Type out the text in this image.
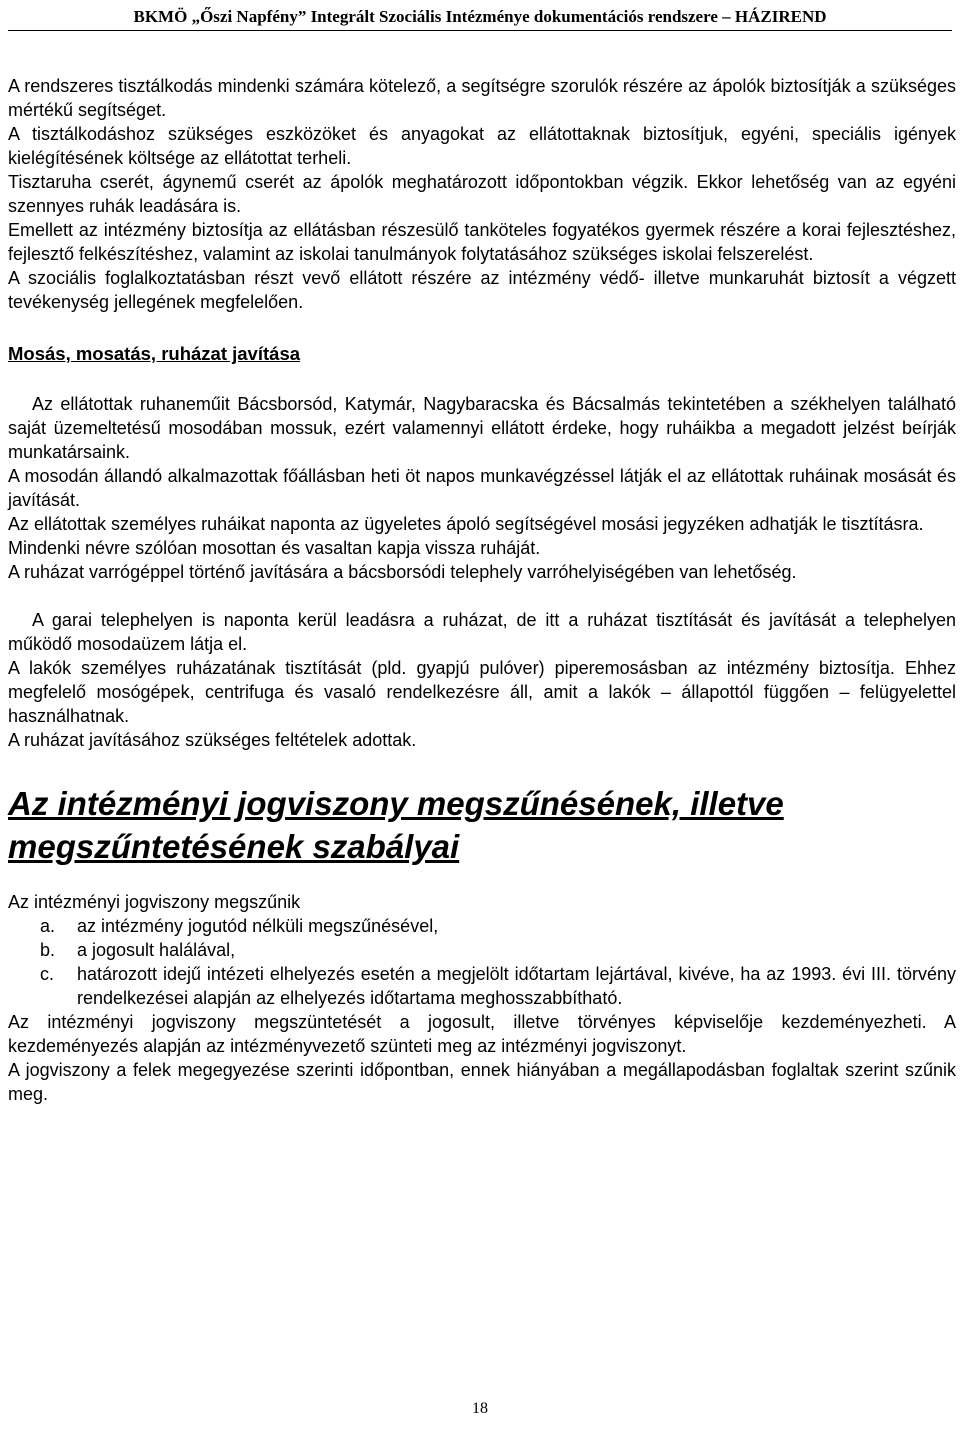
BKMÖ „Őszi Napfény” Integrált Szociális Intézménye dokumentációs rendszere – HÁZIREND

A rendszeres tisztálkodás mindenki számára kötelező, a segítségre szorulók részére az ápolók biztosítják a szükséges mértékű segítséget.

A tisztálkodáshoz szükséges eszközöket és anyagokat az ellátottaknak biztosítjuk, egyéni, speciális igények kielégítésének költsége az ellátottat terheli.

Tisztaruha cserét, ágynemű cserét az ápolók meghatározott időpontokban végzik. Ekkor lehetőség van az egyéni szennyes ruhák leadására is.

Emellett az intézmény biztosítja az ellátásban részesülő tanköteles fogyatékos gyermek részére a korai fejlesztéshez, fejlesztő felkészítéshez, valamint az iskolai tanulmányok folytatásához szükséges iskolai felszerelést.

A szociális foglalkoztatásban részt vevő ellátott részére az intézmény védő- illetve munkaruhát biztosít a végzett tevékenység jellegének megfelelően.

Mosás, mosatás, ruházat javítása

Az ellátottak ruhaneműit Bácsborsód, Katymár, Nagybaracska és Bácsalmás tekintetében a székhelyen található saját üzemeltetésű mosodában mossuk, ezért valamennyi ellátott érdeke, hogy ruháikba a megadott jelzést beírják munkatársaink.

A mosodán állandó alkalmazottak főállásban heti öt napos munkavégzéssel látják el az ellátottak ruháinak mosását és javítását.

Az ellátottak személyes ruháikat naponta az ügyeletes ápoló segítségével mosási jegyzéken adhatják le tisztításra.

Mindenki névre szólóan mosottan és vasaltan kapja vissza ruháját.

A ruházat varrógéppel történő javítására a bácsborsódi telephely varróhelyiségében van lehetőség.

A garai telephelyen is naponta kerül leadásra a ruházat, de itt a ruházat tisztítását és javítását a telephelyen működő mosodaüzem látja el.

A lakók személyes ruházatának tisztítását (pld. gyapjú pulóver) piperemosásban az intézmény biztosítja. Ehhez megfelelő mosógépek, centrifuga és vasaló rendelkezésre áll, amit a lakók – állapottól függően – felügyelettel használhatnak.

A ruházat javításához szükséges feltételek adottak.

Az intézményi jogviszony megszűnésének, illetve

megszűntetésének szabályai

Az intézményi jogviszony megszűnik

a. az intézmény jogutód nélküli megszűnésével,
b. a jogosult halálával,
c. határozott idejű intézeti elhelyezés esetén a megjelölt időtartam lejártával, kivéve, ha az 1993. évi III. törvény rendelkezései alapján az elhelyezés időtartama meghosszabbítható.

Az intézményi jogviszony megszüntetését a jogosult, illetve törvényes képviselője kezdeményezheti. A kezdeményezés alapján az intézményvezető szünteti meg az intézményi jogviszonyt.

A jogviszony a felek megegyezése szerinti időpontban, ennek hiányában a megállapodásban foglaltak szerint szűnik meg.

18
